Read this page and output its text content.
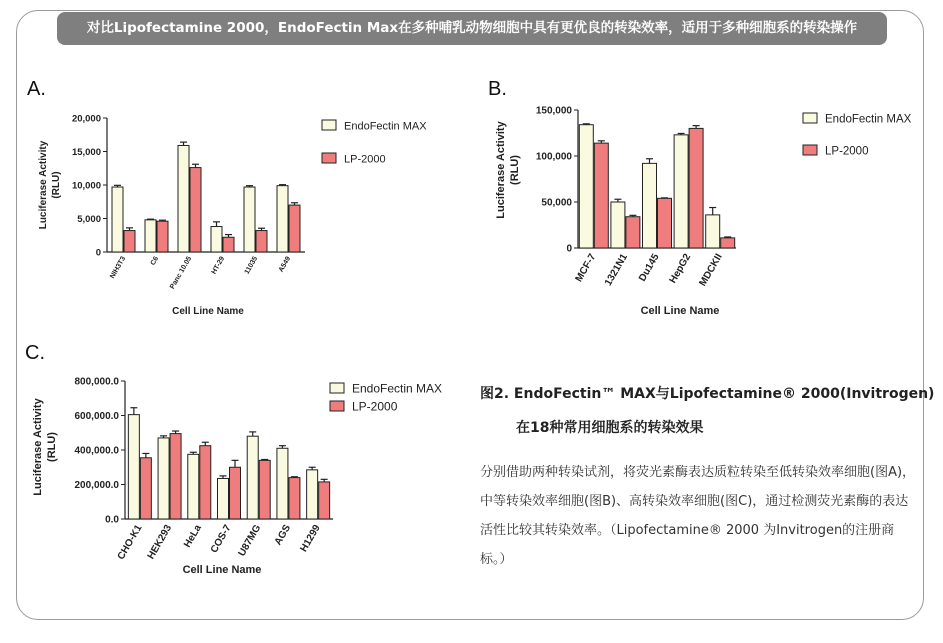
对比Lipofectamine 2000，EndoFectin Max在多种哺乳动物细胞中具有更优良的转染效率，适用于多种细胞系的转染操作
A.	B.
C.
0
5,000
10,000
15,000
20,000
NIH3T3	C6 Panc 10.05 HT-29 11035	A549
Luciferase Activity (RLU)
Cell Line Name
EndoFectin MAX
LP-2000
0
50,000
100,000
150,000
MCF-7 1321N1 Du145 HepG2 MDCKII
Luciferase Activity (RLU)
Cell Line Name
EndoFectin MAX
LP-2000
0.0
200,000.0
400,000.0
600,000.0
800,000.0
CHO-K1 HEK293 HeLa COS-7 U87MG AGS H1299
Luciferase Activity (RLU)
Cell Line Name
EndoFectin MAX
LP-2000
图2. EndoFectin™ MAX与Lipofectamine® 2000(Invitrogen)
在18种常用细胞系的转染效果
分别借助两种转染试剂，将荧光素酶表达质粒转染至低转染效率细胞(图A)，中等转染效率细胞(图B)、高转染效率细胞(图C)，通过检测荧光素酶的表达活性比较其转染效率。（Lipofectamine® 2000 为Invitrogen的注册商标。）
